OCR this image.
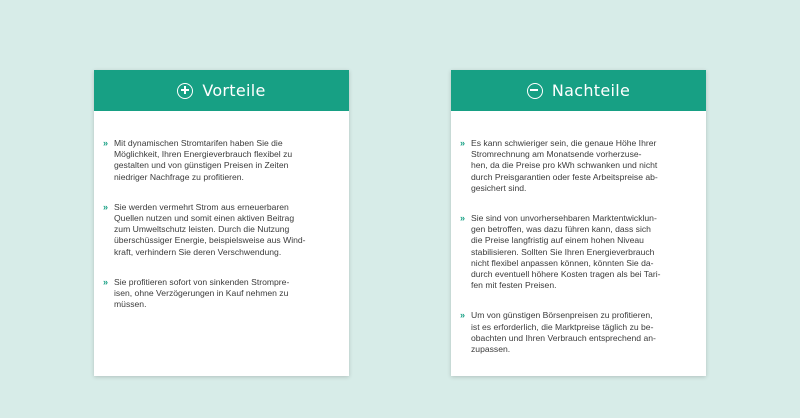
Vorteile
» Mit dynamischen Stromtarifen haben Sie die
Möglichkeit, Ihren Energieverbrauch flexibel zu
gestalten und von günstigen Preisen in Zeiten
niedriger Nachfrage zu profitieren.
» Sie werden vermehrt Strom aus erneuerbaren
Quellen nutzen und somit einen aktiven Beitrag
zum Umweltschutz leisten. Durch die Nutzung
überschüssiger Energie, beispielsweise aus Wind-
kraft, verhindern Sie deren Verschwendung.
» Sie profitieren sofort von sinkenden Strompre-
isen, ohne Verzögerungen in Kauf nehmen zu
müssen.
Nachteile
» Es kann schwieriger sein, die genaue Höhe Ihrer
Stromrechnung am Monatsende vorherzuse-
hen, da die Preise pro kWh schwanken und nicht
durch Preisgarantien oder feste Arbeitspreise ab-
gesichert sind.
» Sie sind von unvorhersehbaren Marktentwicklun-
gen betroffen, was dazu führen kann, dass sich
die Preise langfristig auf einem hohen Niveau
stabilisieren. Sollten Sie Ihren Energieverbrauch
nicht flexibel anpassen können, könnten Sie da-
durch eventuell höhere Kosten tragen als bei Tari-
fen mit festen Preisen.
» Um von günstigen Börsenpreisen zu profitieren,
ist es erforderlich, die Marktpreise täglich zu be-
obachten und Ihren Verbrauch entsprechend an-
zupassen.
